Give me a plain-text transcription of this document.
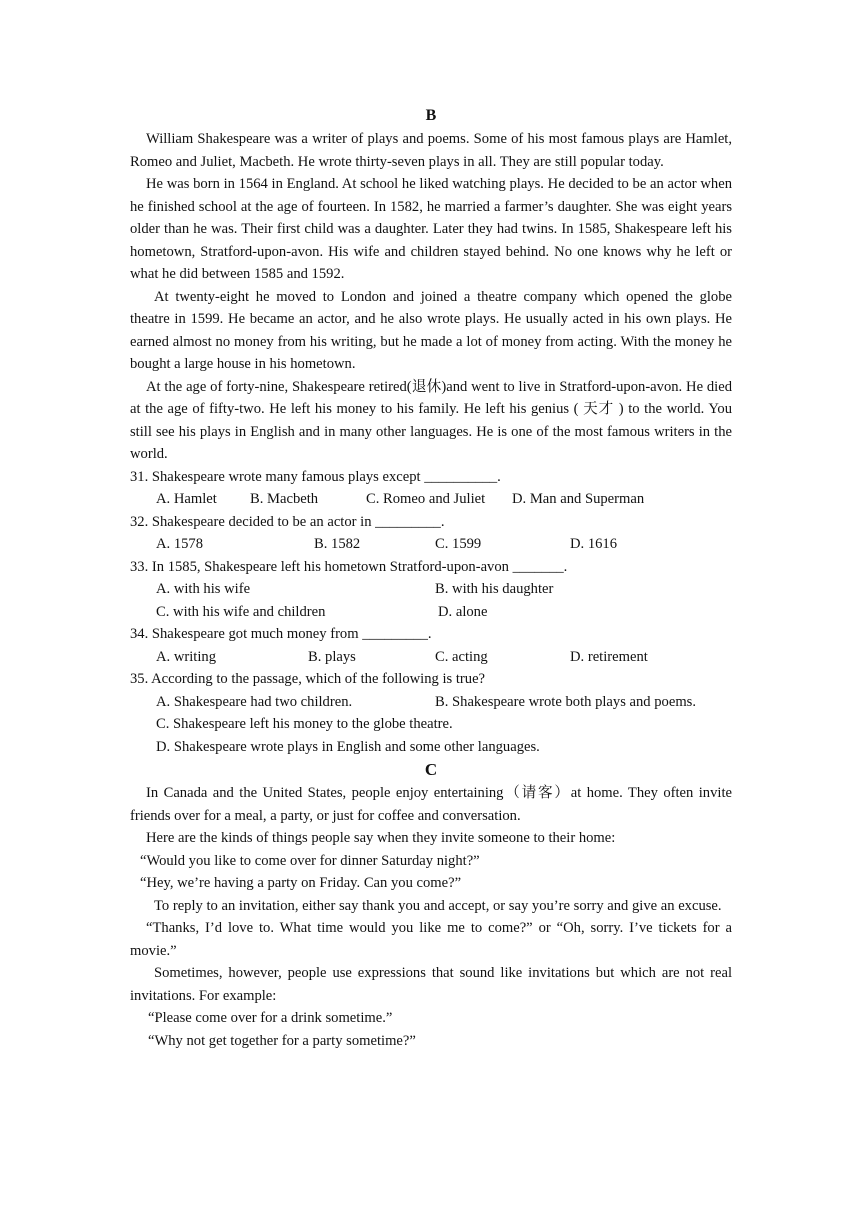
B

William Shakespeare was a writer of plays and poems. Some of his most famous plays are Hamlet, Romeo and Juliet, Macbeth. He wrote thirty-seven plays in all. They are still popular today.

He was born in 1564 in England. At school he liked watching plays. He decided to be an actor when he finished school at the age of fourteen. In 1582, he married a farmer’s daughter. She was eight years older than he was. Their first child was a daughter. Later they had twins. In 1585, Shakespeare left his hometown, Stratford-upon-avon. His wife and children stayed behind. No one knows why he left or what he did between 1585 and 1592.

At twenty-eight he moved to London and joined a theatre company which opened the globe theatre in 1599. He became an actor, and he also wrote plays. He usually acted in his own plays. He earned almost no money from his writing, but he made a lot of money from acting. With the money he bought a large house in his hometown.

At the age of forty-nine, Shakespeare retired(退休)and went to live in Stratford-upon-avon. He died at the age of fifty-two. He left his money to his family. He left his genius ( 天才 ) to the world. You still see his plays in English and in many other languages. He is one of the most famous writers in the world.

31. Shakespeare wrote many famous plays except __________.

A. Hamlet B. Macbeth	C. Romeo and Juliet D. Man and Superman

32. Shakespeare decided to be an actor in _________.

A. 1578	B. 1582	C. 1599	D. 1616

33. In 1585, Shakespeare left his hometown Stratford-upon-avon _______.

A. with his wife	B. with his daughter
C. with his wife and children	D. alone

34. Shakespeare got much money from _________.

A. writing	B. plays	C. acting	D. retirement

35. According to the passage, which of the following is true?

A. Shakespeare had two children.	B. Shakespeare wrote both plays and poems.
C. Shakespeare left his money to the globe theatre.
D. Shakespeare wrote plays in English and some other languages.
C

In Canada and the United States, people enjoy entertaining（请客）at home. They often invite friends over for a meal, a party, or just for coffee and conversation.

Here are the kinds of things people say when they invite someone to their home:

“Would you like to come over for dinner Saturday night?”

“Hey, we’re having a party on Friday. Can you come?”

To reply to an invitation, either say thank you and accept, or say you’re sorry and give an excuse.

“Thanks, I’d love to. What time would you like me to come?” or “Oh, sorry. I’ve tickets for a movie.”

Sometimes, however, people use expressions that sound like invitations but which are not real invitations. For example:

“Please come over for a drink sometime.”

“Why not get together for a party sometime?”
